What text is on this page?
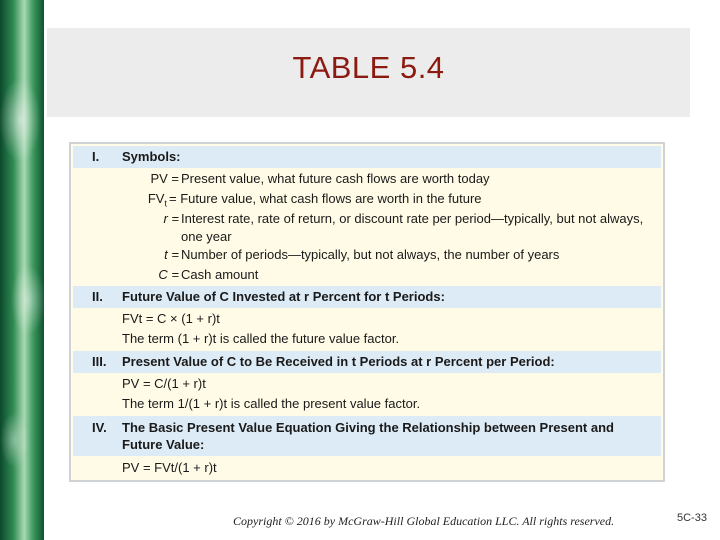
TABLE 5.4
I. Symbols:
PV = Present value, what future cash flows are worth today
$FV_t$ = Future value, what cash flows are worth in the future
r = Interest rate, rate of return, or discount rate per period—typically, but not always,
one year
t = Number of periods—typically, but not always, the number of years
C = Cash amount
II. Future Value of C Invested at r Percent for t Periods:
FVt = C × (1 + r)t
The term (1 + r)t is called the future value factor.
III. Present Value of C to Be Received in t Periods at r Percent per Period:
PV = C/(1 + r)t
The term 1/(1 + r)t is called the present value factor.
IV. The Basic Present Value Equation Giving the Relationship between Present and
Future Value:
PV = FVt/(1 + r)t
Copyright © 2016 by McGraw-Hill Global Education LLC. All rights reserved.	5C-33
